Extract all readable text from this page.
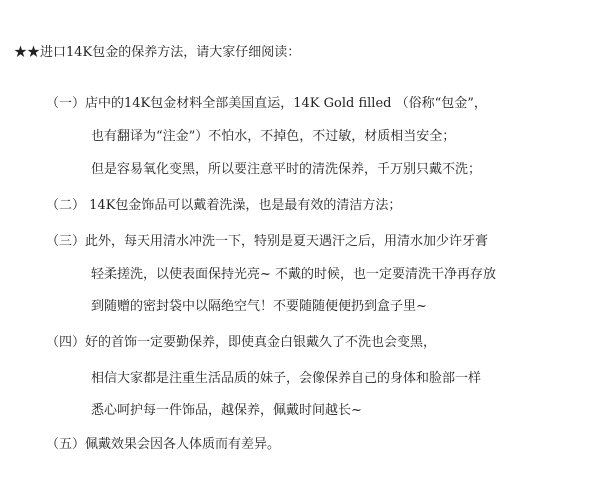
★★进口14K包金的保养方法，请大家仔细阅读：
（一）店中的14K包金材料全部美国直运，14K Gold filled （俗称“包金”，
也有翻译为“注金”）不怕水，不掉色，不过敏，材质相当安全；
但是容易氧化变黑，所以要注意平时的清洗保养，千万别只戴不洗；
（二） 14K包金饰品可以戴着洗澡，也是最有效的清洁方法；
（三）此外，每天用清水冲洗一下，特别是夏天遇汗之后，用清水加少许牙膏
轻柔搓洗，以使表面保持光亮~ 不戴的时候，也一定要清洗干净再存放
到随赠的密封袋中以隔绝空气！不要随随便便扔到盒子里~
（四）好的首饰一定要勤保养，即使真金白银戴久了不洗也会变黑，
相信大家都是注重生活品质的妹子，会像保养自己的身体和脸部一样
悉心呵护每一件饰品，越保养，佩戴时间越长~
（五）佩戴效果会因各人体质而有差异。
